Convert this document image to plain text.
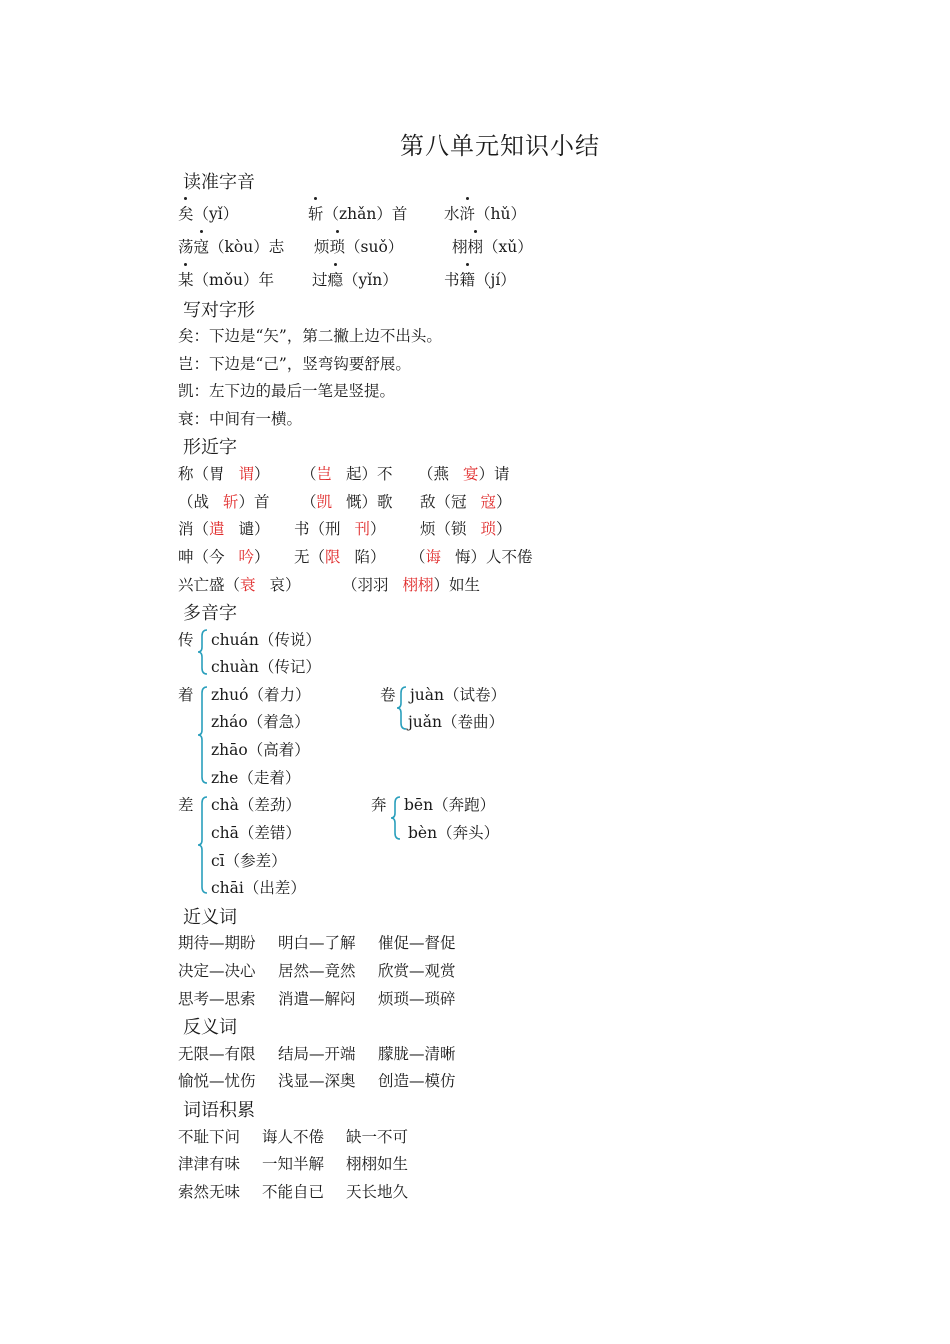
第八单元知识小结
读准字音
矣（yǐ）	斩（zhǎn）首 水浒（hǔ）
荡寇（kòu）志 烦琐（suǒ）	栩栩（xǔ）
某（mǒu）年 过瘾（yǐn）	书籍（jí）
写对字形
矣：下边是“矢”，第二撇上边不出头。
岂：下边是“己”，竖弯钩要舒展。
凯：左下边的最后一笔是竖提。
衰：中间有一横。
形近字
称（胃 谓） （岂 起）不 （燕 宴）请
（战 斩）首 （凯 慨）歌 敌（冠 寇）
消（遣 谴） 书（刑 刊） 烦（锁 琐）
呻（今 吟） 无（限 陷） （诲 悔）人不倦
兴亡盛（衰 哀）	（羽羽 栩栩）如生
多音字
传 chuán（传说）
chuàn（传记）
着 zhuó（着力）
zháo（着急）
zhāo（高着）
zhe（走着）
卷 juàn（试卷）
juǎn（卷曲）
差 chà（差劲）
chā（差错）
cī（参差）
chāi（出差）
奔 bēn（奔跑）
bèn（奔头）
近义词
期待—期盼 明白—了解 催促—督促
决定—决心 居然—竟然 欣赏—观赏
思考—思索 消遣—解闷 烦琐—琐碎
反义词
无限—有限 结局—开端 朦胧—清晰
愉悦—忧伤 浅显—深奥 创造—模仿
词语积累
不耻下问 诲人不倦 缺一不可
津津有味 一知半解 栩栩如生
索然无味 不能自已 天长地久
